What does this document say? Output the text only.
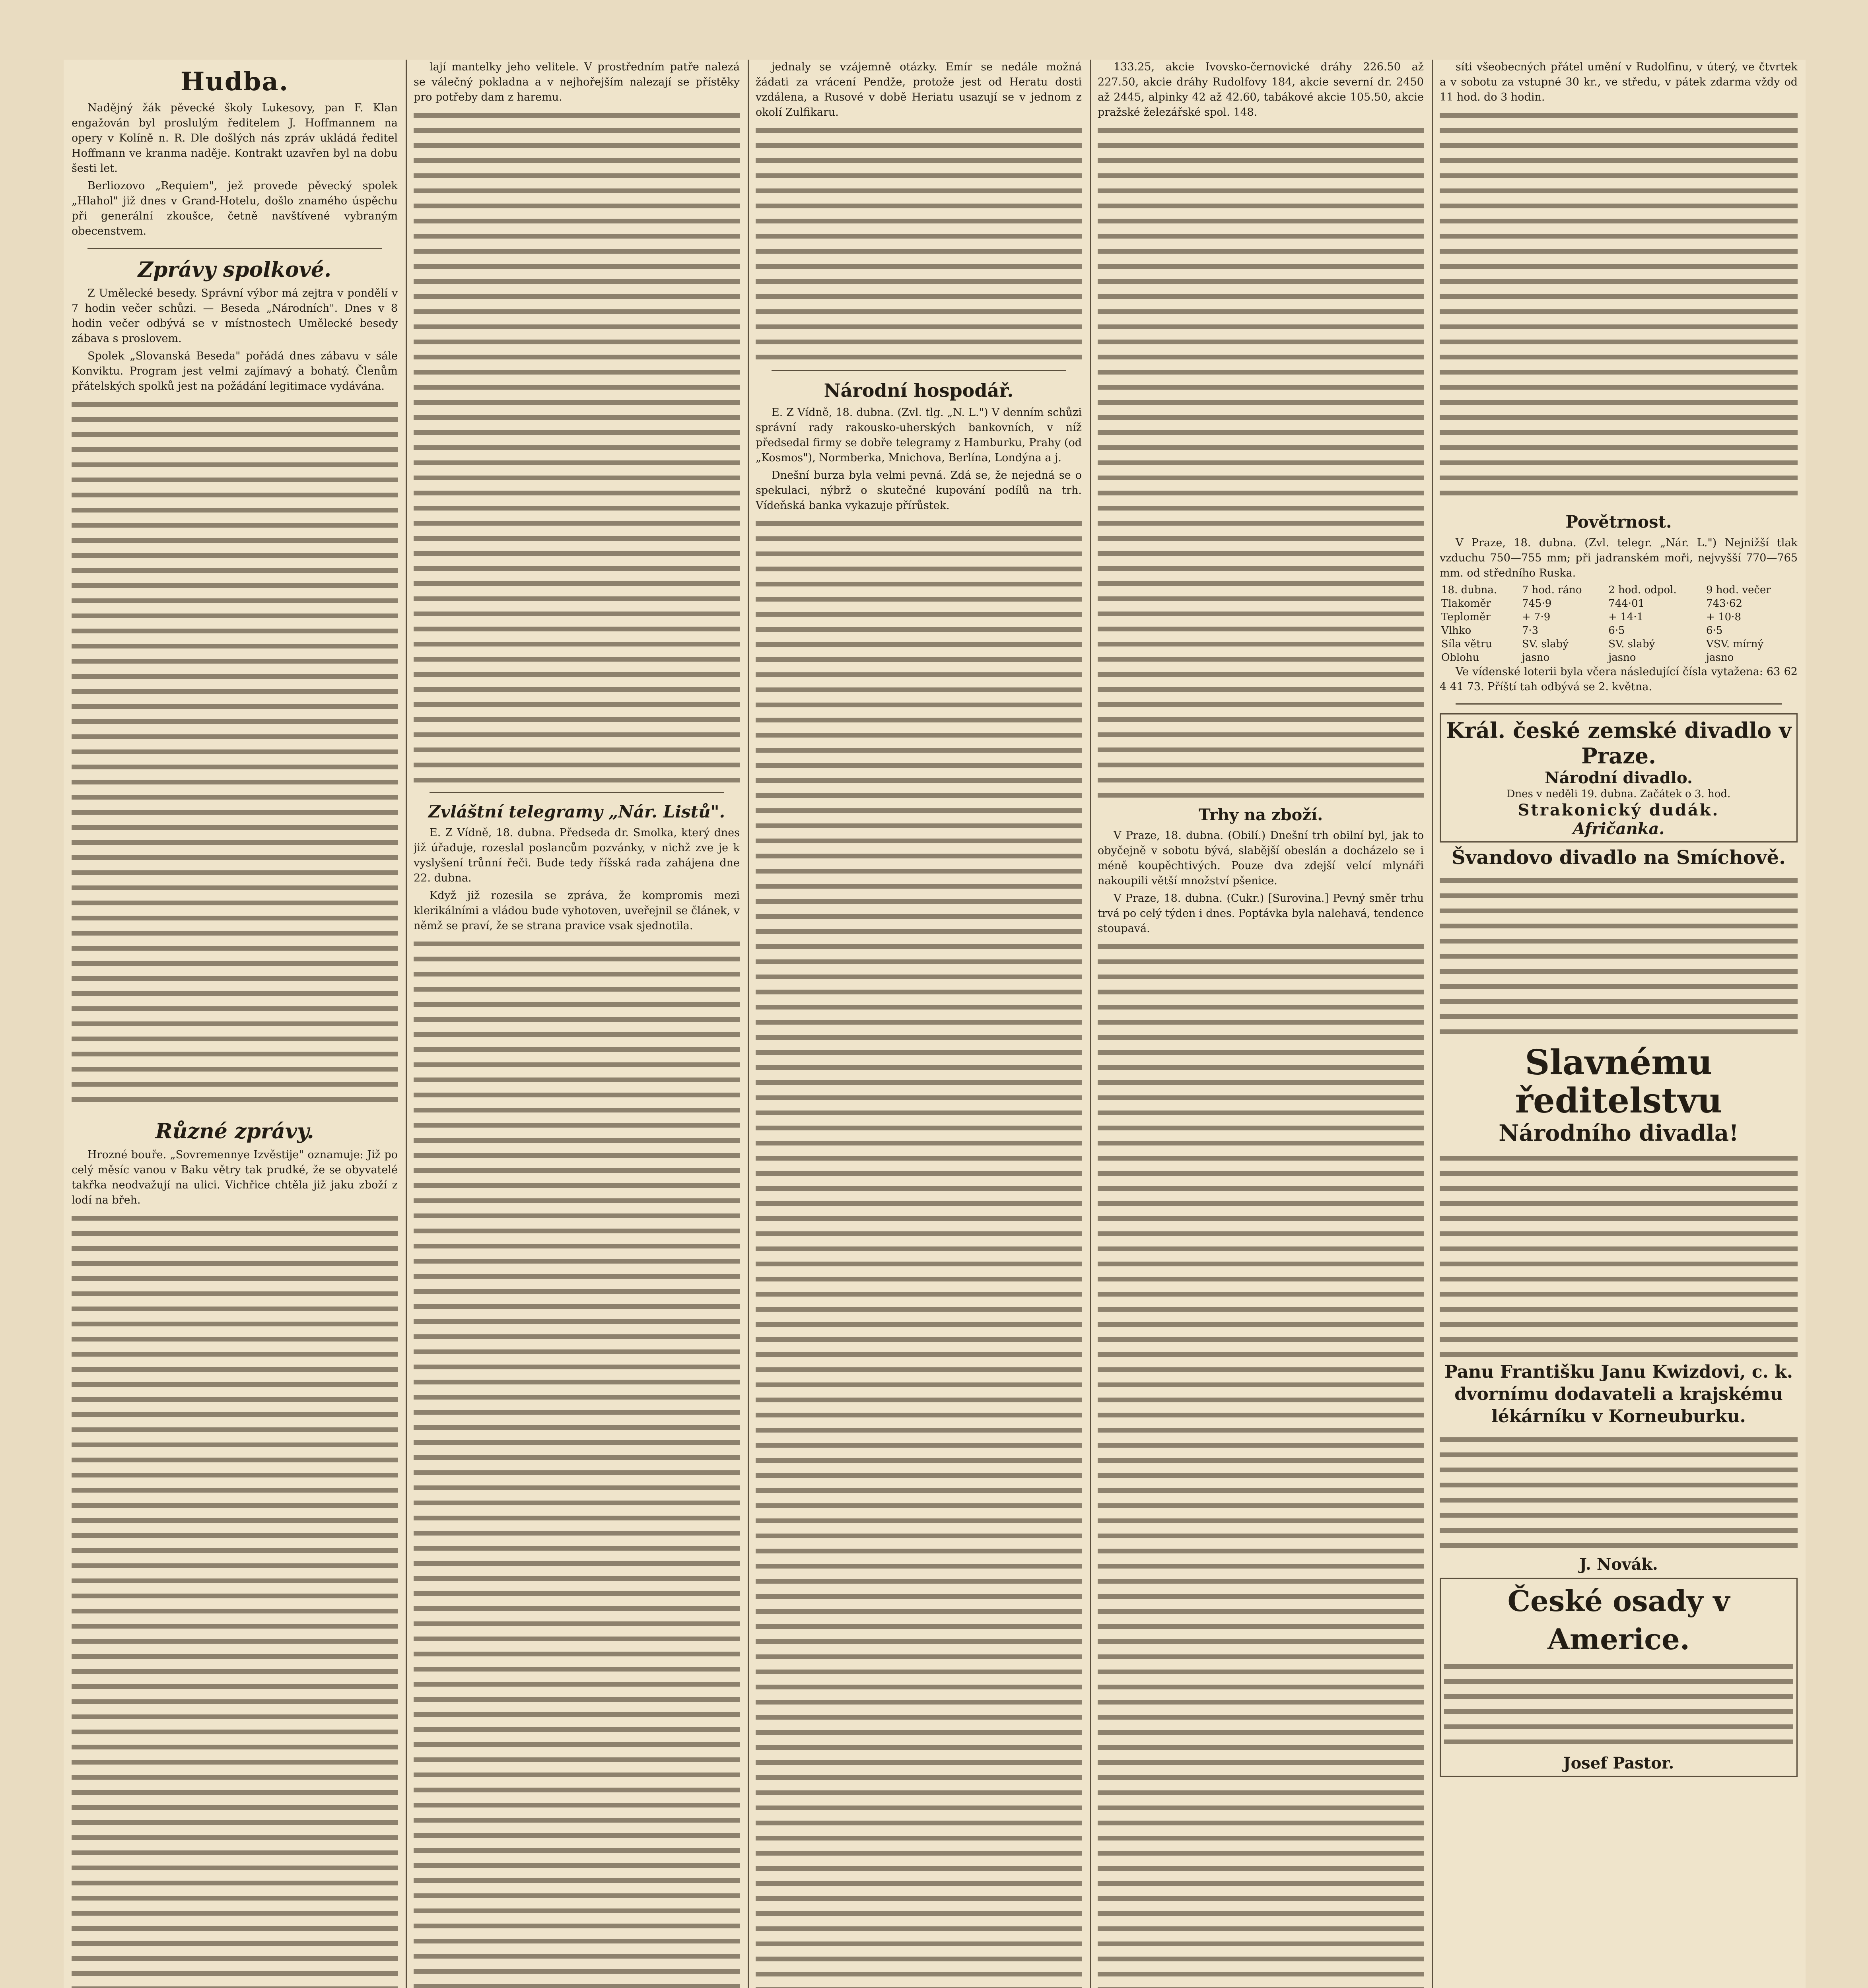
Hudba.

Nadějný žák pěvecké školy Lukesovy, pan F. Klan engažován byl proslulým ředitelem J. Hoffmannem na opery v Kolíně n. R. Dle došlých nás zpráv ukládá ředitel Hoffmann ve kranma naděje. Kontrakt uzavřen byl na dobu šesti let.

Berliozovo „Requiem", jež provede pěvecký spolek „Hlahol" již dnes v Grand-Hotelu, došlo znamého úspěchu při generální zkoušce, četně navštívené vybraným obecenstvem.

Zprávy spolkové.

Z Umělecké besedy. Správní výbor má zejtra v pondělí v 7 hodin večer schůzi. — Beseda „Národních". Dnes v 8 hodin večer odbývá se v místnostech Umělecké besedy zábava s proslovem.

Spolek „Slovanská Beseda" pořádá dnes zábavu v sále Konviktu. Program jest velmi zajímavý a bohatý. Členům přátelských spolků jest na požádání legitimace vydávána.

Různé zprávy.

Hrozné bouře. „Sovremennye Izvěstije" oznamuje: Již po celý měsíc vanou v Baku větry tak prudké, že se obyvatelé takřka neodvažují na ulici. Vichřice chtěla již jaku zboží z lodí na břeh.

lají mantelky jeho velitele. V prostředním patře nalezá se válečný pokladna a v nejhořejším nalezají se přístěky pro potřeby dam z haremu.

Zvláštní telegramy „Nár. Listů".

E. Z Vídně, 18. dubna. Předseda dr. Smolka, který dnes již úřaduje, rozeslal poslancům pozvánky, v nichž zve je k vyslyšení trůnní řeči. Bude tedy říšská rada zahájena dne 22. dubna.

Když již rozesila se zpráva, že kompromis mezi klerikálními a vládou bude vyhotoven, uveřejnil se článek, v němž se praví, že se strana pravice vsak sjednotila.

jednaly se vzájemně otázky. Emír se nedále možná žádati za vrácení Pendže, protože jest od Heratu dosti vzdálena, a Rusové v době Heriatu usazují se v jednom z okolí Zulfikaru.

Národní hospodář.

E. Z Vídně, 18. dubna. (Zvl. tlg. „N. L.") V denním schůzi správní rady rakousko-uherských bankovních, v níž předsedal firmy se dobře telegramy z Hamburku, Prahy (od „Kosmos"), Normberka, Mnichova, Berlína, Londýna a j.

Dnešní burza byla velmi pevná. Zdá se, že nejedná se o spekulaci, nýbrž o skutečné kupování podílů na trh. Vídeňská banka vykazuje přírůstek.

133.25, akcie Ivovsko-černovické dráhy 226.50 až 227.50, akcie dráhy Rudolfovy 184, akcie severní dr. 2450 až 2445, alpinky 42 až 42.60, tabákové akcie 105.50, akcie pražské železářské spol. 148.

Trhy na zboží.

V Praze, 18. dubna. (Obilí.) Dnešní trh obilní byl, jak to obyčejně v sobotu bývá, slabější obeslán a docházelo se i méně koupěchtivých. Pouze dva zdejší velcí mlynáři nakoupili větší množství pšenice.

V Praze, 18. dubna. (Cukr.) [Surovina.] Pevný směr trhu trvá po celý týden i dnes. Poptávka byla nalehavá, tendence stoupavá.

síti všeobecných přátel umění v Rudolfinu, v úterý, ve čtvrtek a v sobotu za vstupné 30 kr., ve středu, v pátek zdarma vždy od 11 hod. do 3 hodin.

Povětrnost.

V Praze, 18. dubna. (Zvl. telegr. „Nár. L.") Nejnižší tlak vzduchu 750—755 mm; při jadranském moři, nejvyšší 770—765 mm. od středního Ruska.

18. dubna.	7 hod. ráno	2 hod. odpol.	9 hod. večer
Tlakoměr	745·9	744·01	743·62
Teploměr	+ 7·9	+ 14·1	+ 10·8
Vlhko	7·3	6·5	6·5
Síla větru	SV. slabý	SV. slabý	VSV. mírný
Oblohu	jasno	jasno	jasno

Ve vídenské loterii byla včera následující čísla vytažena: 63 62 4 41 73. Příští tah odbývá se 2. května.

Král. české zemské divadlo v Praze.
Národní divadlo.
Dnes v neděli 19. dubna. Začátek o 3. hod.
Strakonický dudák.
Afričanka.
Švandovo divadlo na Smíchově.
Slavnému ředitelstvu
Národního divadla!
Panu Františku Janu Kwizdovi, c. k. dvornímu dodavateli a krajskému lékárníku v Korneuburku.
J. Novák.
České osady v Americe.
Josef Pastor.
